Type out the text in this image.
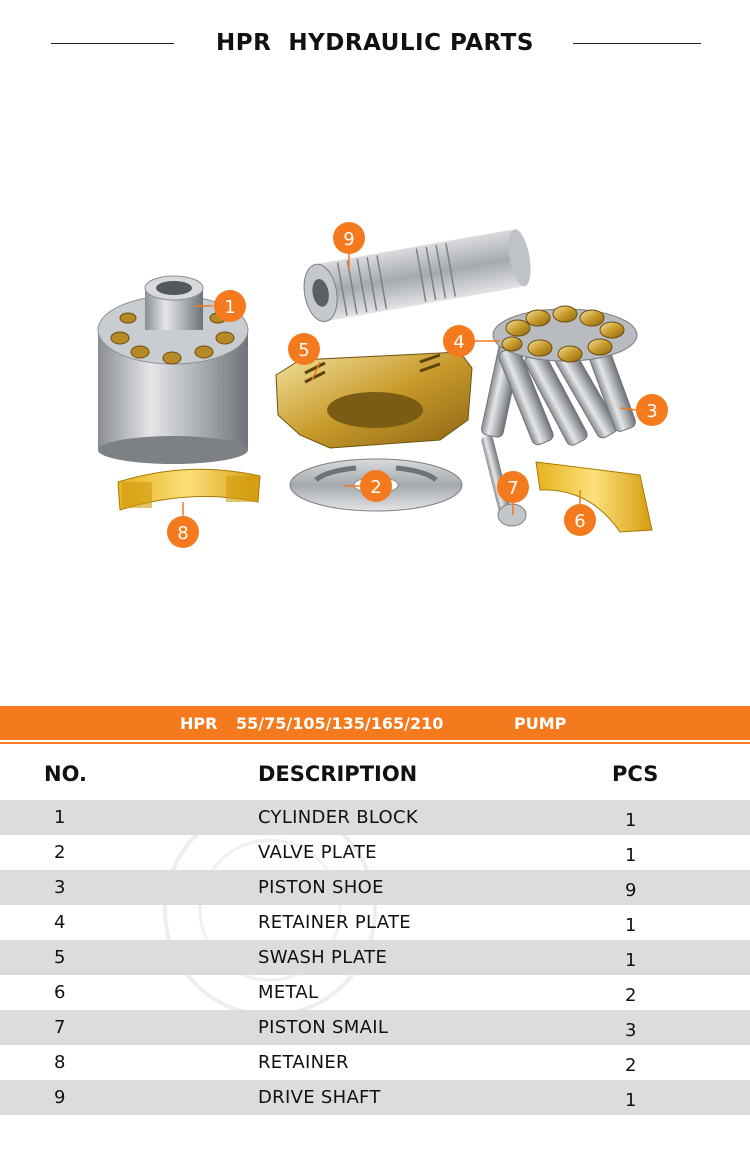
HPR  HYDRAULIC PARTS
1
9
5	4
3
2	7
6
8
HPR 55/75/105/135/165/210	PUMP
NO.	DESCRIPTION	PCS
1	CYLINDER BLOCK	1
2	VALVE PLATE	1
3	PISTON SHOE	9
4	RETAINER PLATE	1
5	SWASH PLATE	1
6	METAL	2
7	PISTON SMAIL	3
8	RETAINER	2
9	DRIVE SHAFT	1
